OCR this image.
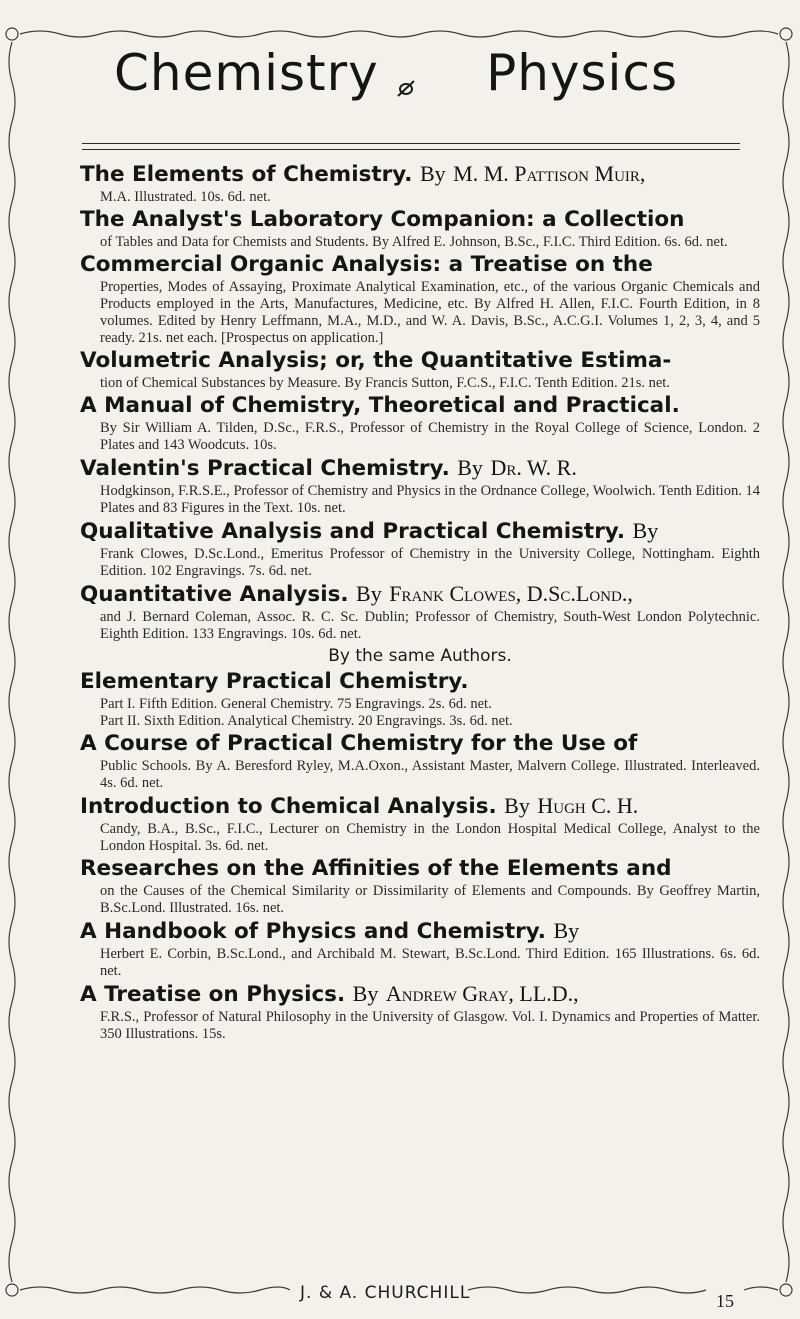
Chemistry Physics
The Elements of Chemistry. By M. M. Pattison Muir,
M.A. Illustrated. 10s. 6d. net.
The Analyst's Laboratory Companion: a Collection
of Tables and Data for Chemists and Students. By Alfred E. Johnson, B.Sc., F.I.C. Third Edition. 6s. 6d. net.
Commercial Organic Analysis: a Treatise on the
Properties, Modes of Assaying, Proximate Analytical Examination, etc., of the various Organic Chemicals and Products employed in the Arts, Manufactures, Medicine, etc. By Alfred H. Allen, F.I.C. Fourth Edition, in 8 volumes. Edited by Henry Leffmann, M.A., M.D., and W. A. Davis, B.Sc., A.C.G.I. Volumes 1, 2, 3, 4, and 5 ready. 21s. net each. [Prospectus on application.]
Volumetric Analysis; or, the Quantitative Estima-
tion of Chemical Substances by Measure. By Francis Sutton, F.C.S., F.I.C. Tenth Edition. 21s. net.
A Manual of Chemistry, Theoretical and Practical.
By Sir William A. Tilden, D.Sc., F.R.S., Professor of Chemistry in the Royal College of Science, London. 2 Plates and 143 Woodcuts. 10s.
Valentin's Practical Chemistry. By Dr. W. R.
Hodgkinson, F.R.S.E., Professor of Chemistry and Physics in the Ordnance College, Woolwich. Tenth Edition. 14 Plates and 83 Figures in the Text. 10s. net.
Qualitative Analysis and Practical Chemistry. By
Frank Clowes, D.Sc.Lond., Emeritus Professor of Chemistry in the University College, Nottingham. Eighth Edition. 102 Engravings. 7s. 6d. net.
Quantitative Analysis. By Frank Clowes, D.Sc.Lond.,
and J. Bernard Coleman, Assoc. R. C. Sc. Dublin; Professor of Chemistry, South-West London Polytechnic. Eighth Edition. 133 Engravings. 10s. 6d. net.
By the same Authors.
Elementary Practical Chemistry.
Part I. Fifth Edition. General Chemistry. 75 Engravings. 2s. 6d. net.
Part II. Sixth Edition. Analytical Chemistry. 20 Engravings. 3s. 6d. net.
A Course of Practical Chemistry for the Use of
Public Schools. By A. Beresford Ryley, M.A.Oxon., Assistant Master, Malvern College. Illustrated. Interleaved. 4s. 6d. net.
Introduction to Chemical Analysis. By Hugh C. H.
Candy, B.A., B.Sc., F.I.C., Lecturer on Chemistry in the London Hospital Medical College, Analyst to the London Hospital. 3s. 6d. net.
Researches on the Affinities of the Elements and
on the Causes of the Chemical Similarity or Dissimilarity of Elements and Compounds. By Geoffrey Martin, B.Sc.Lond. Illustrated. 16s. net.
A Handbook of Physics and Chemistry. By
Herbert E. Corbin, B.Sc.Lond., and Archibald M. Stewart, B.Sc.Lond. Third Edition. 165 Illustrations. 6s. 6d. net.
A Treatise on Physics. By Andrew Gray, LL.D.,
F.R.S., Professor of Natural Philosophy in the University of Glasgow. Vol. I. Dynamics and Properties of Matter. 350 Illustrations. 15s.
J. & A. CHURCHILL	15
